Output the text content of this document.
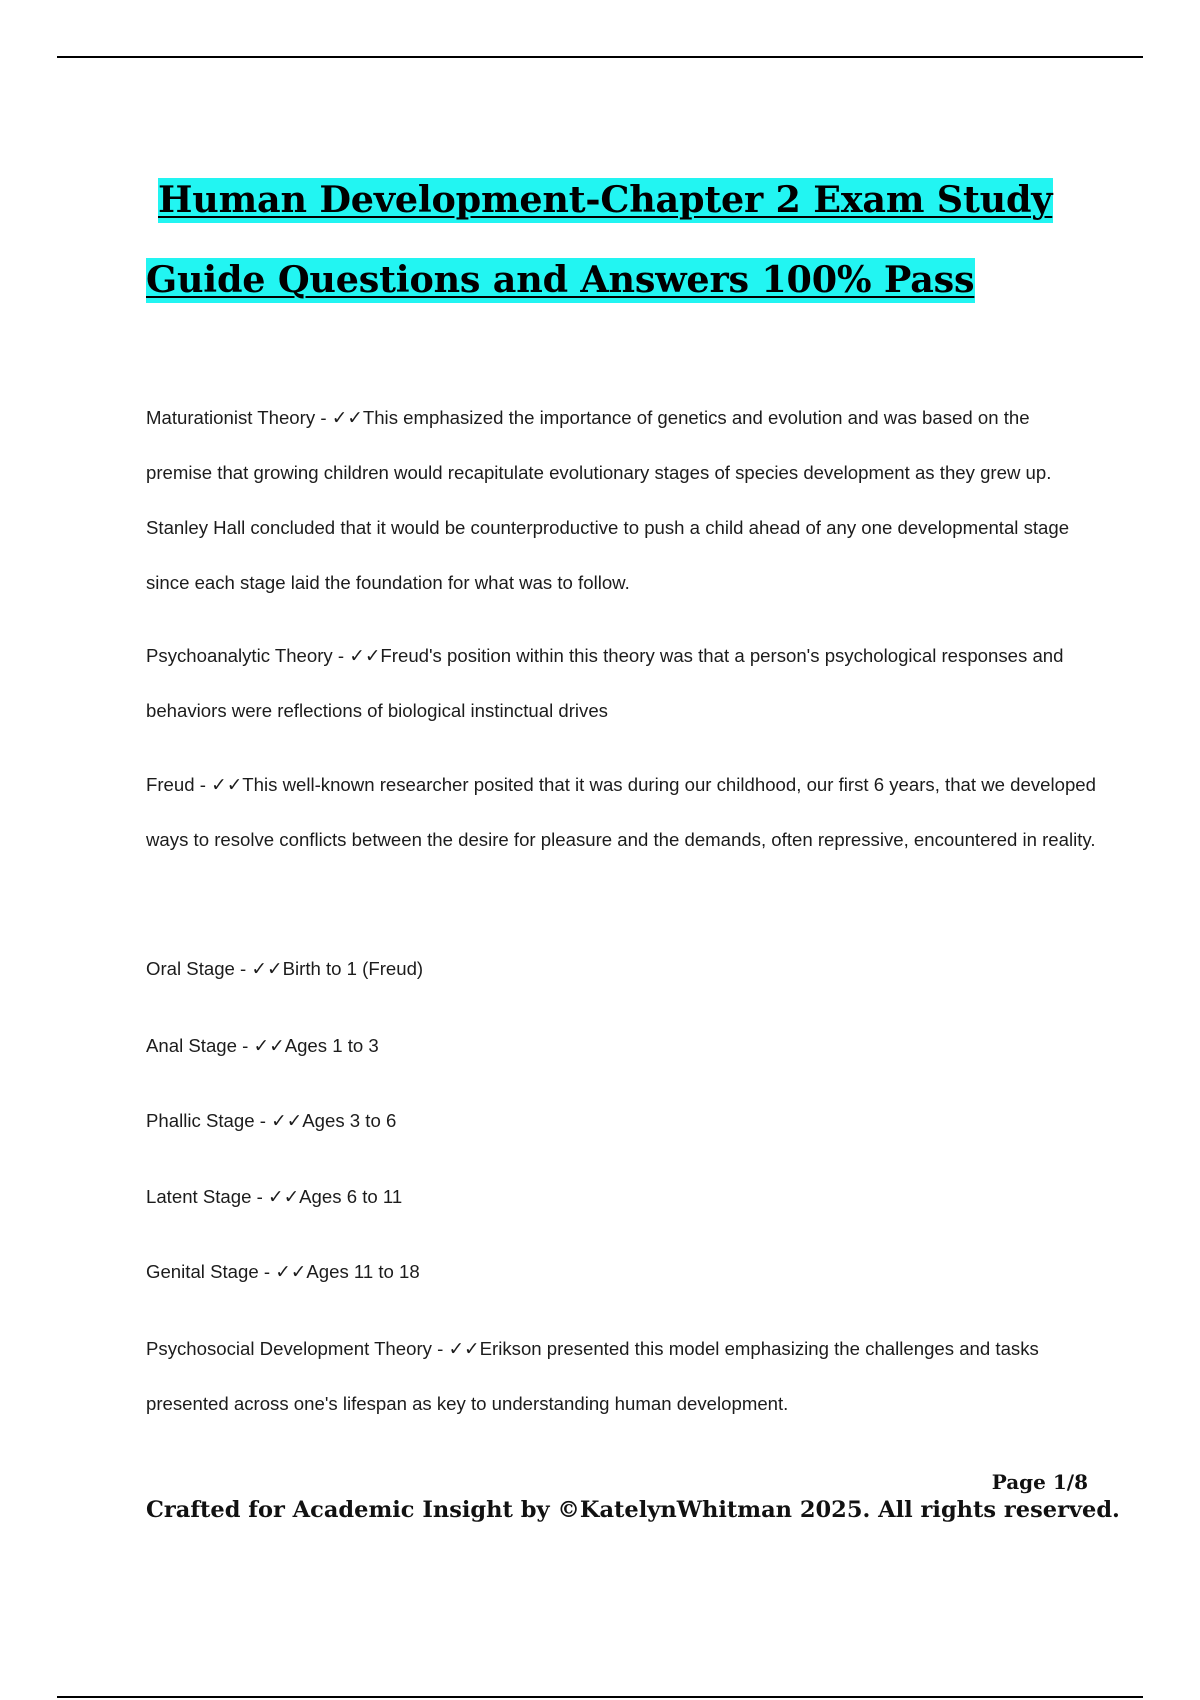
Human Development-Chapter 2 Exam Study
Guide Questions and Answers 100% Pass

Maturationist Theory - ✓✓This emphasized the importance of genetics and evolution and was based on the premise that growing children would recapitulate evolutionary stages of species development as they grew up. Stanley Hall concluded that it would be counterproductive to push a child ahead of any one developmental stage since each stage laid the foundation for what was to follow.

Psychoanalytic Theory - ✓✓Freud's position within this theory was that a person's psychological responses and behaviors were reflections of biological instinctual drives

Freud - ✓✓This well-known researcher posited that it was during our childhood, our first 6 years, that we developed ways to resolve conflicts between the desire for pleasure and the demands, often repressive, encountered in reality.

Oral Stage - ✓✓Birth to 1 (Freud)

Anal Stage - ✓✓Ages 1 to 3

Phallic Stage - ✓✓Ages 3 to 6

Latent Stage - ✓✓Ages 6 to 11

Genital Stage - ✓✓Ages 11 to 18

Psychosocial Development Theory - ✓✓Erikson presented this model emphasizing the challenges and tasks presented across one's lifespan as key to understanding human development.

Page 1/8
Crafted for Academic Insight by ©KatelynWhitman 2025. All rights reserved.
